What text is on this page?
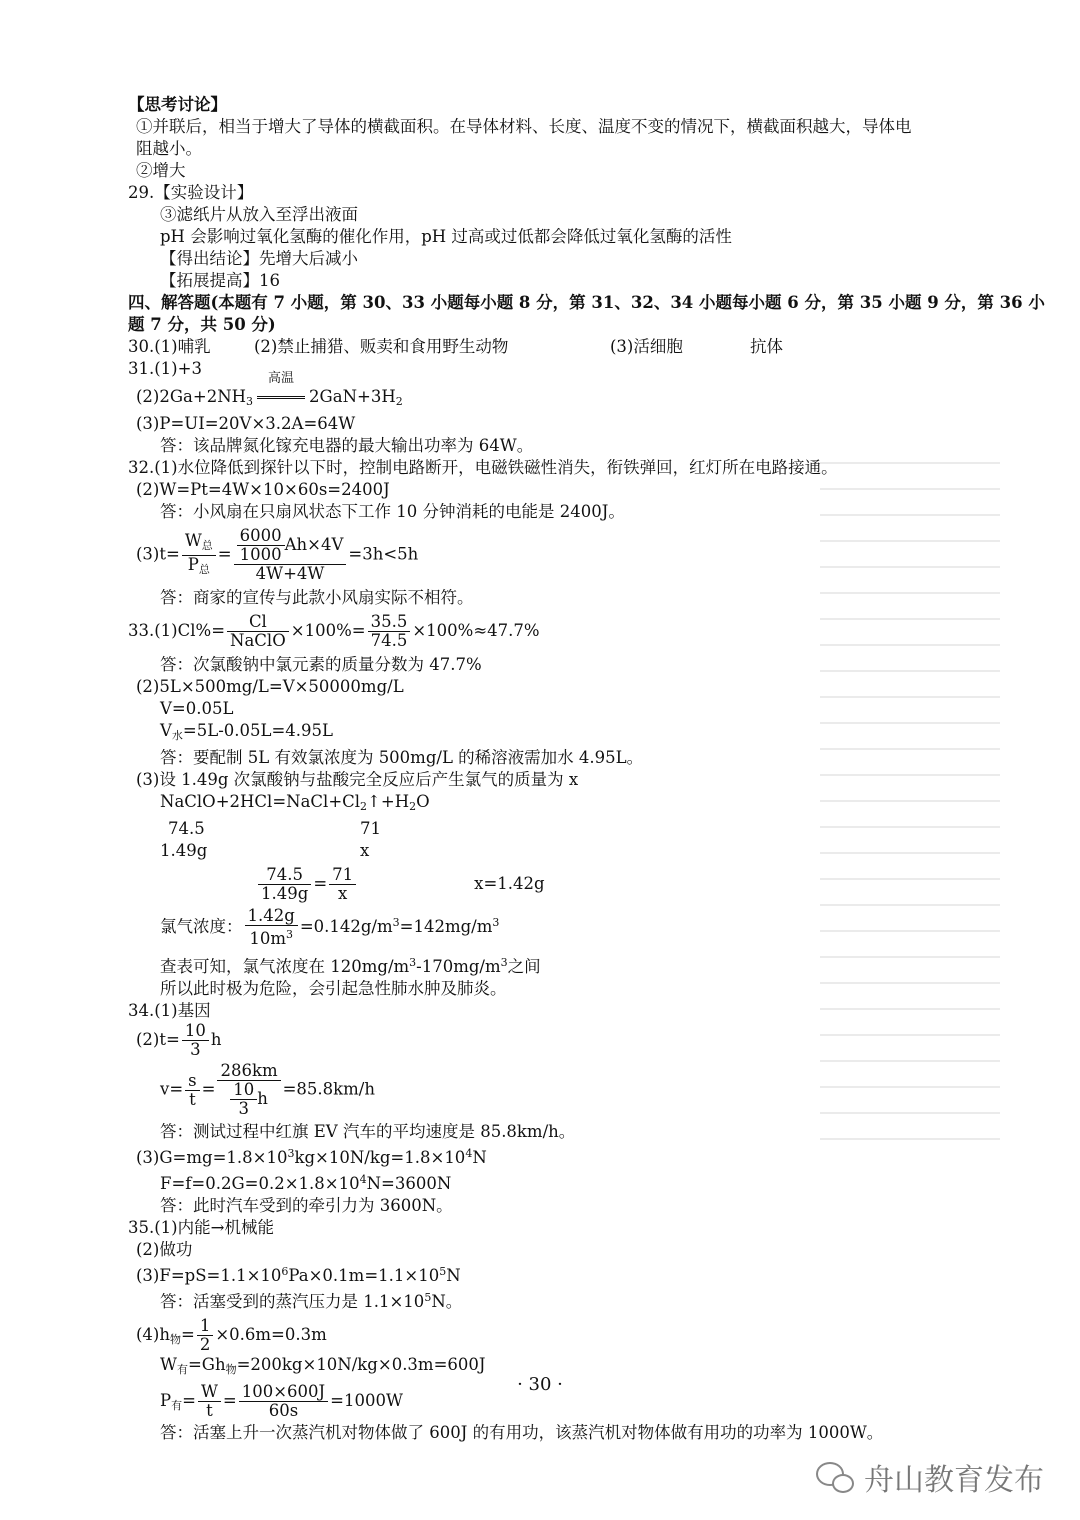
【思考讨论】
①并联后，相当于增大了导体的横截面积。在导体材料、长度、温度不变的情况下，横截面积越大，导体电
阻越小。
②增大
29.【实验设计】
③滤纸片从放入至浮出液面
pH 会影响过氧化氢酶的催化作用，pH 过高或过低都会降低过氧化氢酶的活性
【得出结论】先增大后减小
【拓展提高】16
四、解答题(本题有 7 小题，第 30、33 小题每小题 8 分，第 31、32、34 小题每小题 6 分，第 35 小题 9 分，第 36 小
题 7 分，共 50 分)
30.(1)哺乳	(2)禁止捕猎、贩卖和食用野生动物	(3)活细胞	抗体
31.(1)+3
$(2)2Ga+2NH_3$
高温
$2GaN+3H_2$
(3)P=UI=20V×3.2A=64W
答：该品牌氮化镓充电器的最大输出功率为 64W。
32.(1)水位降低到探针以下时，控制电路断开，电磁铁磁性消失，衔铁弹回，红灯所在电路接通。
(2)W=Pt=4W×10×60s=2400J
答：小风扇在只扇风状态下工作 10 分钟消耗的电能是 2400J。
$(3)t= \frac{W_总}{P_总} = \frac{\frac{6000}{1000} Ah\times 4V}{4W+4W} =3h<5h$
答：商家的宣传与此款小风扇实际不相符。
$33.(1)Cl\%= \frac{Cl}{\text{NaClO}} \times 100\%= \frac{35.5}{74.5} \times 100\%\approx 47.7\%$
答：次氯酸钠中氯元素的质量分数为 47.7%
(2)5L×500mg/L=V×50000mg/L
V=0.05L
$V_水=5L-0.05L=4.95L$
答：要配制 5L 有效氯浓度为 500mg/L 的稀溶液需加水 4.95L。
(3)设 1.49g 次氯酸钠与盐酸完全反应后产生氯气的质量为 x
$NaClO+2HCl=NaCl+Cl_2↑+H_2O$
74.5	71
1.49g	x
$\frac{74.5}{1.49g} = \frac{71}{x}$	x=1.42g
氯气浓度： $\frac{1.42g}{10m^3} =0.142g/m^3=142mg/m^3$
查表可知，氯气浓度在 $120mg/m^3-170mg/m^3$之间
所以此时极为危险，会引起急性肺水肿及肺炎。
34.(1)基因
$(2)t= \frac{10}{3}$ h
$v= \frac{s}{t} = \frac{286km}{\frac{10}{3} h} =85.8km/h$
答：测试过程中红旗 EV 汽车的平均速度是 85.8km/h。
$(3)G=mg=1.8\times 10^3kg\times 10N/kg=1.8\times 10^4N$
$F=f=0.2G=0.2\times 1.8\times 10^4N=3600N$
答：此时汽车受到的牵引力为 3600N。
35.(1)内能→机械能
(2)做功
$(3)F=pS=1.1\times 10^6Pa\times 0.1m=1.1\times 10^5N$
答：活塞受到的蒸汽压力是 $1.1\times 10^5N$。
$(4)h_物= \frac{1}{2} \times 0.6m=0.3m$
$W_有=Gh_物=200kg\times 10N/kg\times 0.3m=600J$
$P_有= \frac{W}{t} = \frac{100\times 600J}{60s} =1000W$
答：活塞上升一次蒸汽机对物体做了 600J 的有用功，该蒸汽机对物体做有用功的功率为 1000W。
· 30 ·
舟山教育发布
